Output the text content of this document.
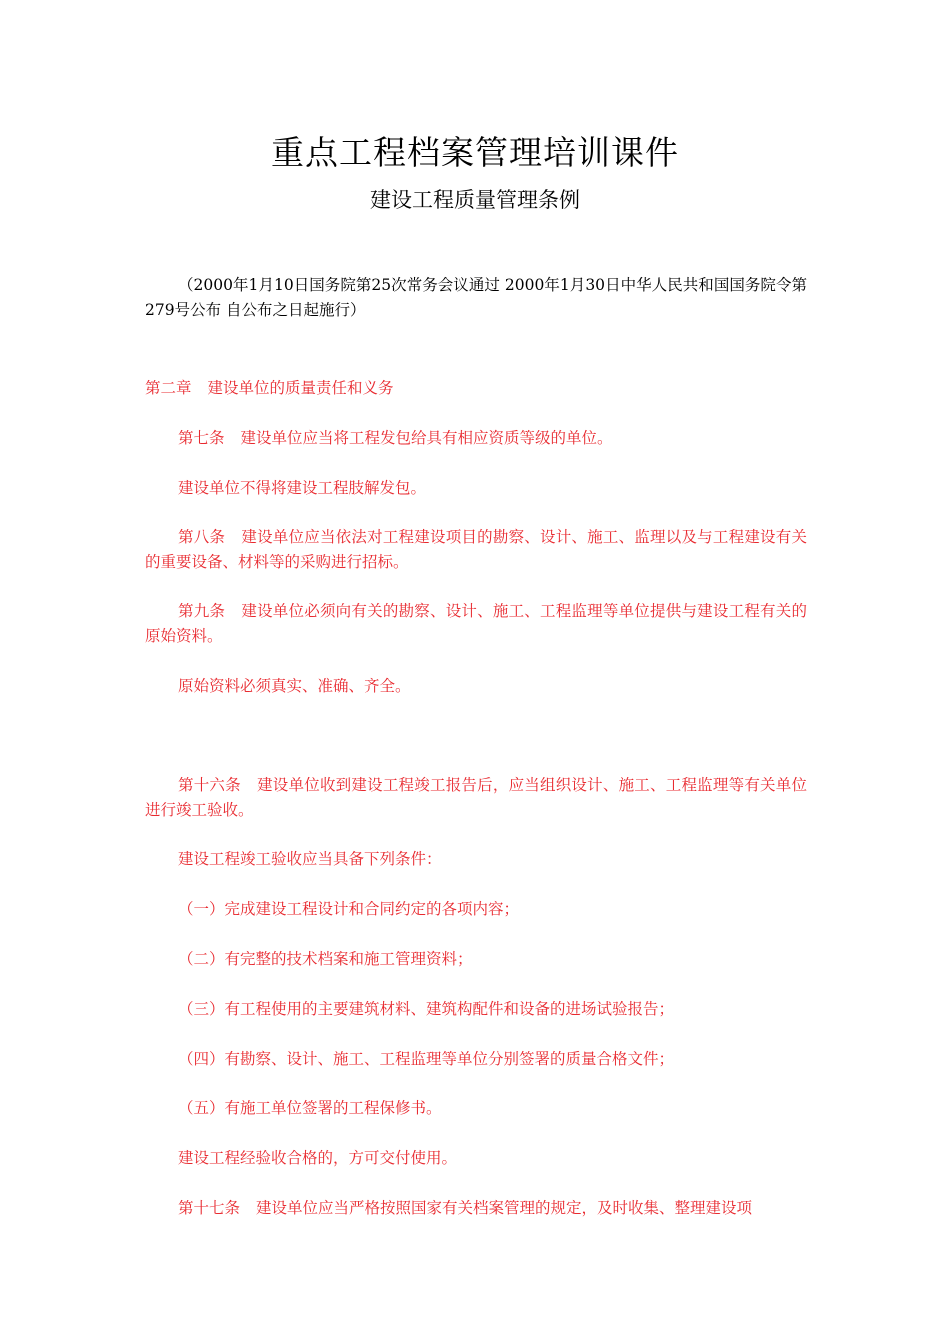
重点工程档案管理培训课件
建设工程质量管理条例
（2000年1月10日国务院第25次常务会议通过 2000年1月30日中华人民共和国国务院令第279号公布 自公布之日起施行）
第二章 建设单位的质量责任和义务
第七条 建设单位应当将工程发包给具有相应资质等级的单位。
建设单位不得将建设工程肢解发包。
第八条 建设单位应当依法对工程建设项目的勘察、设计、施工、监理以及与工程建设有关的重要设备、材料等的采购进行招标。
第九条 建设单位必须向有关的勘察、设计、施工、工程监理等单位提供与建设工程有关的原始资料。
原始资料必须真实、准确、齐全。
第十六条 建设单位收到建设工程竣工报告后，应当组织设计、施工、工程监理等有关单位进行竣工验收。
建设工程竣工验收应当具备下列条件：
（一）完成建设工程设计和合同约定的各项内容；
（二）有完整的技术档案和施工管理资料；
（三）有工程使用的主要建筑材料、建筑构配件和设备的进场试验报告；
（四）有勘察、设计、施工、工程监理等单位分别签署的质量合格文件；
（五）有施工单位签署的工程保修书。
建设工程经验收合格的，方可交付使用。
第十七条 建设单位应当严格按照国家有关档案管理的规定，及时收集、整理建设项
